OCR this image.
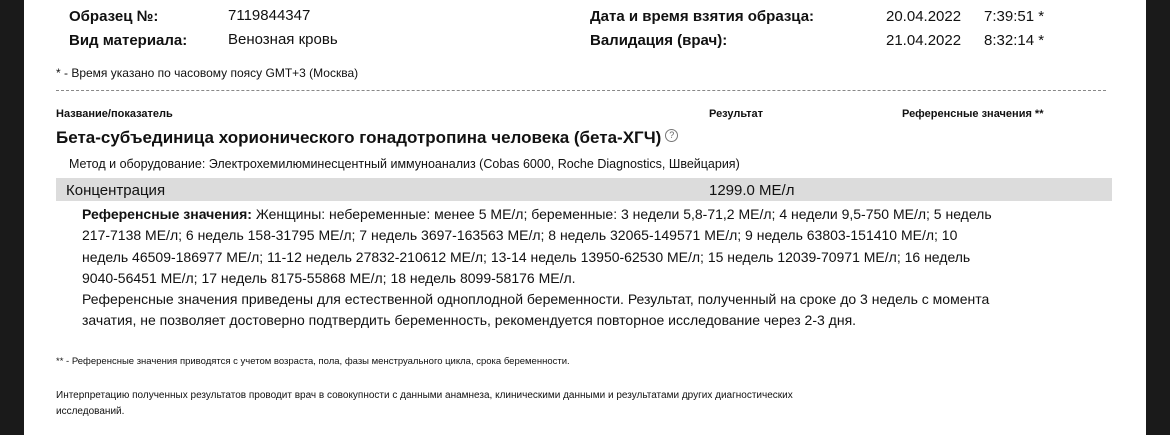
Образец №:	7119844347
Вид материала:	Венозная кровь
Дата и время взятия образца:	20.04.2022 7:39:51 *
Валидация (врач):	21.04.2022 8:32:14 *
* - Время указано по часовому поясу GMT+3 (Москва)
Название/показатель	Результат	Референсные значения **
Бета-субъединица хорионического гонадотропина человека (бета-ХГЧ) ?
Метод и оборудование: Электрохемилюминесцентный иммуноанализ (Cobas 6000, Roche Diagnostics, Швейцария)
Концентрация	1299.0 МЕ/л
Референсные значения: Женщины: небеременные: менее 5 МЕ/л; беременные: 3 недели 5,8-71,2 МЕ/л; 4 недели 9,5-750 МЕ/л; 5 недель 217-7138 МЕ/л; 6 недель 158-31795 МЕ/л; 7 недель 3697-163563 МЕ/л; 8 недель 32065-149571 МЕ/л; 9 недель 63803-151410 МЕ/л; 10 недель 46509-186977 МЕ/л; 11-12 недель 27832-210612 МЕ/л; 13-14 недель 13950-62530 МЕ/л; 15 недель 12039-70971 МЕ/л; 16 недель 9040-56451 МЕ/л; 17 недель 8175-55868 МЕ/л; 18 недель 8099-58176 МЕ/л.
Референсные значения приведены для естественной одноплодной беременности. Результат, полученный на сроке до 3 недель с момента зачатия, не позволяет достоверно подтвердить беременность, рекомендуется повторное исследование через 2-3 дня.
** - Референсные значения приводятся с учетом возраста, пола, фазы менструального цикла, срока беременности.
Интерпретацию полученных результатов проводит врач в совокупности с данными анамнеза, клиническими данными и результатами других диагностических исследований.
